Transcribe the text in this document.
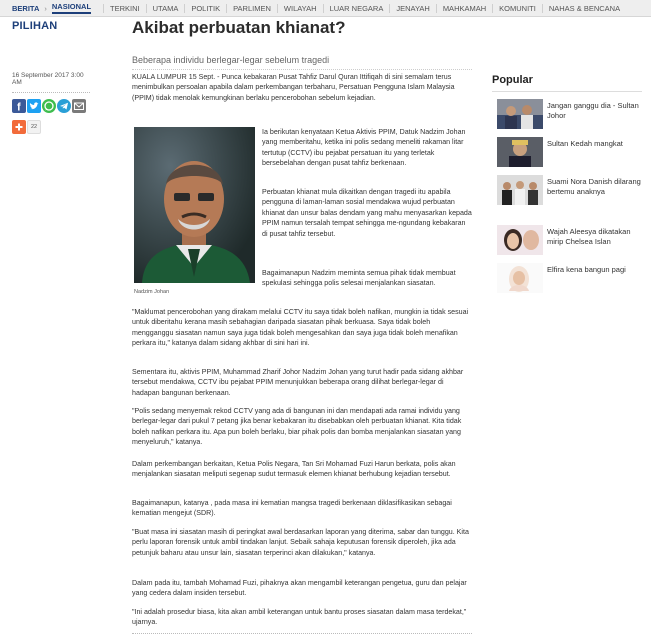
BERITA › NASIONAL	TERKINI	UTAMA	POLITIK	PARLIMEN	WILAYAH	LUAR NEGARA	JENAYAH	MAHKAMAH	KOMUNITI	NAHAS & BENCANA
PILIHAN
16 September 2017 3:00 AM
f
22
Akibat perbuatan khianat?
Beberapa individu berlegar-legar sebelum tragedi

KUALA LUMPUR 15 Sept. - Punca kebakaran Pusat Tahfiz Darul Quran Ittifiqah di sini semalam terus menimbulkan persoalan apabila dalam perkembangan terbaharu, Persatuan Pengguna Islam Malaysia (PPIM) tidak menolak kemungkinan berlaku pencerobohan sebelum kejadian.

Nadzim Johan

Ia berikutan kenyataan Ketua Aktivis PPIM, Datuk Nadzim Johan yang memberitahu, ketika ini polis sedang meneliti rakaman litar tertutup (CCTV) ibu pejabat persatuan itu yang terletak bersebelahan dengan pusat tahfiz berkenaan.

Perbuatan khianat mula dikaitkan dengan tragedi itu apabila pengguna di laman-laman sosial mendakwa wujud perbuatan khianat dan unsur balas dendam yang mahu menyasarkan kepada PPIM namun tersalah tempat sehingga me-ngundang kebakaran di pusat tahfiz tersebut.

Bagaimanapun Nadzim meminta semua pihak tidak membuat spekulasi sehingga polis selesai menjalankan siasatan.

"Maklumat pencerobohan yang dirakam melalui CCTV itu saya tidak boleh nafikan, mungkin ia tidak sesuai untuk diberitahu kerana masih sebahagian daripada siasatan pihak berkuasa. Saya tidak boleh mengganggu siasatan namun saya juga tidak boleh mengesahkan dan saya juga tidak boleh menafikan perkara itu," katanya dalam sidang akhbar di sini hari ini.

Sementara itu, aktivis PPIM, Muhammad Zharif Johor Nadzim Johan yang turut hadir pada sidang akhbar tersebut mendakwa, CCTV ibu pejabat PPIM menunjukkan beberapa orang dilihat berlegar-legar di hadapan bangunan berkenaan.

"Polis sedang menyemak rekod CCTV yang ada di bangunan ini dan mendapati ada ramai individu yang berlegar-legar dari pukul 7 petang jika benar kebakaran itu disebabkan oleh perbuatan khianat. Kita tidak boleh nafikan perkara itu. Apa pun boleh berlaku, biar pihak polis dan bomba menjalankan siasatan yang menyeluruh," katanya.

Dalam perkembangan berkaitan, Ketua Polis Negara, Tan Sri Mohamad Fuzi Harun berkata, polis akan menjalankan siasatan meliputi segenap sudut termasuk elemen khianat berhubung kejadian tersebut.

Bagaimanapun, katanya , pada masa ini kematian mangsa tragedi berkenaan diklasifikasikan sebagai kematian mengejut (SDR).

"Buat masa ini siasatan masih di peringkat awal berdasarkan laporan yang diterima, sabar dan tunggu. Kita perlu laporan forensik untuk ambil tindakan lanjut. Sebaik sahaja keputusan forensik diperoleh, jika ada petunjuk baharu atau unsur lain, siasatan terperinci akan dilakukan," katanya.

Dalam pada itu, tambah Mohamad Fuzi, pihaknya akan mengambil keterangan pengetua, guru dan pelajar yang cedera dalam insiden tersebut.

"Ini adalah prosedur biasa, kita akan ambil keterangan untuk bantu proses siasatan dalam masa terdekat," ujarnya.

Popular
Jangan ganggu dia - Sultan Johor
Sultan Kedah mangkat
Suami Nora Danish dilarang bertemu anaknya
Wajah Aleesya dikatakan mirip Chelsea Islan
Elfira kena bangun pagi
